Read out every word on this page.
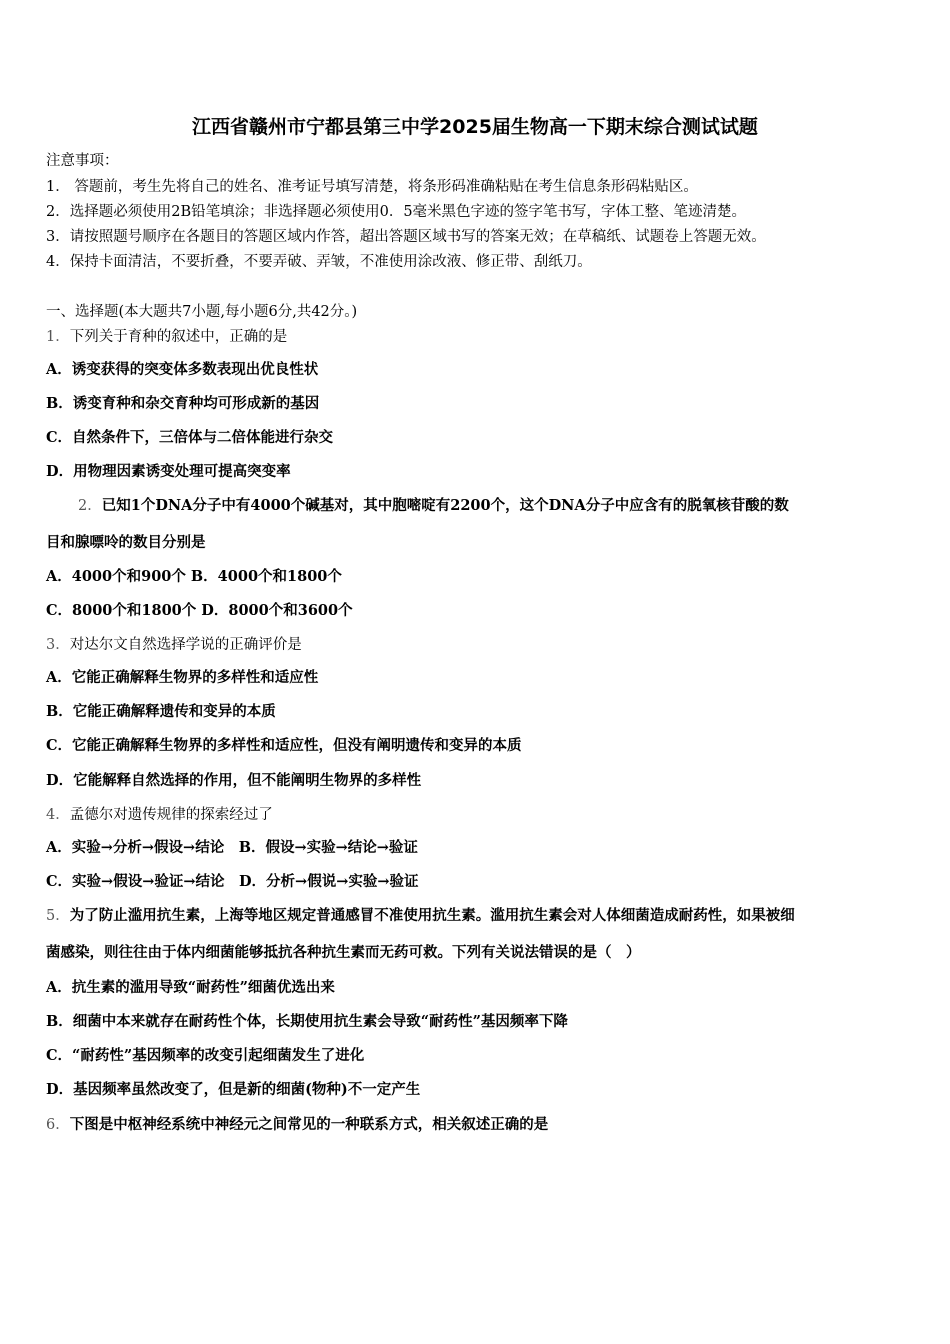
江西省赣州市宁都县第三中学2025届生物高一下期末综合测试试题
注意事项：
1． 答题前，考生先将自己的姓名、准考证号填写清楚，将条形码准确粘贴在考生信息条形码粘贴区。
2．选择题必须使用2B铅笔填涂；非选择题必须使用0．5毫米黑色字迹的签字笔书写，字体工整、笔迹清楚。
3．请按照题号顺序在各题目的答题区域内作答，超出答题区域书写的答案无效；在草稿纸、试题卷上答题无效。
4．保持卡面清洁，不要折叠，不要弄破、弄皱，不准使用涂改液、修正带、刮纸刀。
一、选择题(本大题共7小题,每小题6分,共42分。)
1．下列关于育种的叙述中，正确的是
A．诱变获得的突变体多数表现出优良性状
B．诱变育种和杂交育种均可形成新的基因
C．自然条件下，三倍体与二倍体能进行杂交
D．用物理因素诱变处理可提高突变率
2．已知1个DNA分子中有4000个碱基对，其中胞嘧啶有2200个，这个DNA分子中应含有的脱氧核苷酸的数
目和腺嘌呤的数目分别是
A．4000个和900个 B．4000个和1800个
C．8000个和1800个 D．8000个和3600个
3．对达尔文自然选择学说的正确评价是
A．它能正确解释生物界的多样性和适应性
B．它能正确解释遗传和变异的本质
C．它能正确解释生物界的多样性和适应性，但没有阐明遗传和变异的本质
D．它能解释自然选择的作用，但不能阐明生物界的多样性
4．孟德尔对遗传规律的探索经过了
A．实验→分析→假设→结论　B．假设→实验→结论→验证
C．实验→假设→验证→结论　D．分析→假说→实验→验证
5．为了防止滥用抗生素，上海等地区规定普通感冒不准使用抗生素。滥用抗生素会对人体细菌造成耐药性，如果被细
菌感染，则往往由于体内细菌能够抵抗各种抗生素而无药可救。下列有关说法错误的是（　）
A．抗生素的滥用导致“耐药性”细菌优选出来
B．细菌中本来就存在耐药性个体，长期使用抗生素会导致“耐药性”基因频率下降
C．“耐药性”基因频率的改变引起细菌发生了进化
D．基因频率虽然改变了，但是新的细菌(物种)不一定产生
6．下图是中枢神经系统中神经元之间常见的一种联系方式，相关叙述正确的是
